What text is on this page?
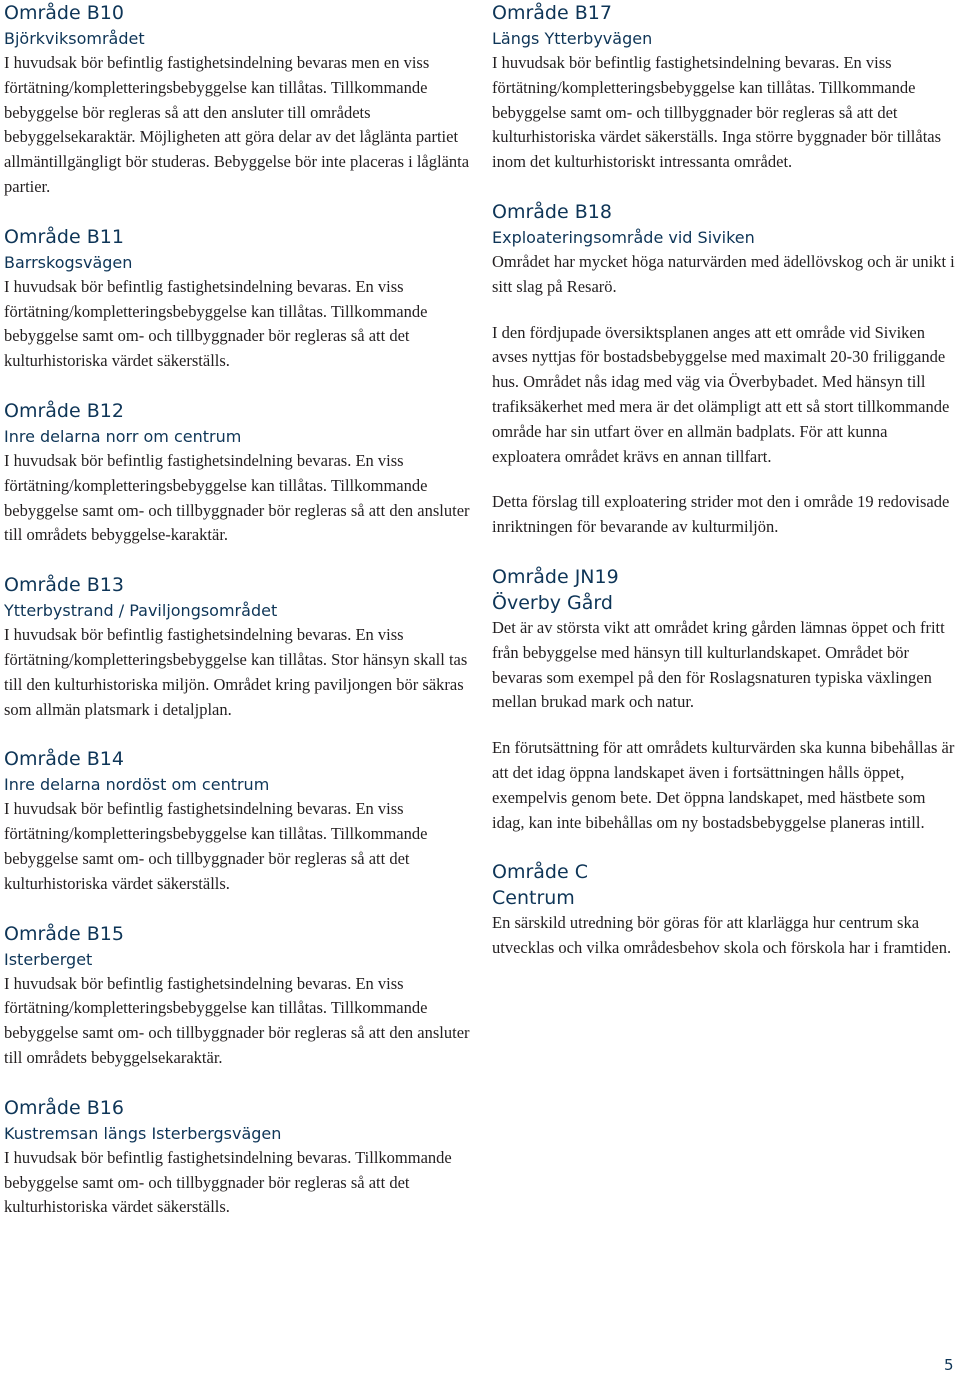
Område B10
Björkviksområdet

I huvudsak bör befintlig fastighetsindelning bevaras men en viss förtätning/kompletteringsbebyggelse kan tillåtas. Tillkommande bebyggelse bör regleras så att den ansluter till områdets bebyggelsekaraktär. Möjligheten att göra delar av det låglänta partiet allmäntillgängligt bör studeras. Bebyggelse bör inte placeras i låglänta partier.

Område B11
Barrskogsvägen

I huvudsak bör befintlig fastighetsindelning bevaras. En viss förtätning/kompletteringsbebyggelse kan tillåtas. Tillkommande bebyggelse samt om- och tillbyggnader bör regleras så att det kulturhistoriska värdet säkerställs.

Område B12
Inre delarna norr om centrum

I huvudsak bör befintlig fastighetsindelning bevaras. En viss förtätning/kompletteringsbebyggelse kan tillåtas. Tillkommande bebyggelse samt om- och tillbyggnader bör regleras så att den ansluter till områdets bebyggelse-karaktär.

Område B13
Ytterbystrand / Paviljongsområdet

I huvudsak bör befintlig fastighetsindelning bevaras. En viss förtätning/kompletteringsbebyggelse kan tillåtas. Stor hänsyn skall tas till den kulturhistoriska miljön. Området kring paviljongen bör säkras som allmän platsmark i detaljplan.

Område B14
Inre delarna nordöst om centrum

I huvudsak bör befintlig fastighetsindelning bevaras. En viss förtätning/kompletteringsbebyggelse kan tillåtas. Tillkommande bebyggelse samt om- och tillbyggnader bör regleras så att det kulturhistoriska värdet säkerställs.

Område B15
Isterberget

I huvudsak bör befintlig fastighetsindelning bevaras. En viss förtätning/kompletteringsbebyggelse kan tillåtas. Tillkommande bebyggelse samt om- och tillbyggnader bör regleras så att den ansluter till områdets bebyggelsekaraktär.

Område B16
Kustremsan längs Isterbergsvägen

I huvudsak bör befintlig fastighetsindelning bevaras. Tillkommande bebyggelse samt om- och tillbyggnader bör regleras så att det kulturhistoriska värdet säkerställs.

Område B17
Längs Ytterbyvägen

I huvudsak bör befintlig fastighetsindelning bevaras. En viss förtätning/kompletteringsbebyggelse kan tillåtas. Tillkommande bebyggelse samt om- och tillbyggnader bör regleras så att det kulturhistoriska värdet säkerställs. Inga större byggnader bör tillåtas inom det kulturhistoriskt intressanta området.

Område B18
Exploateringsområde vid Siviken

Området har mycket höga naturvärden med ädellövskog och är unikt i sitt slag på Resarö.

I den fördjupade översiktsplanen anges att ett område vid Siviken avses nyttjas för bostadsbebyggelse med maximalt 20-30 friliggande hus. Området nås idag med väg via Överbybadet. Med hänsyn till trafiksäkerhet med mera är det olämpligt att ett så stort tillkommande område har sin utfart över en allmän badplats. För att kunna exploatera området krävs en annan tillfart.

Detta förslag till exploatering strider mot den i område 19 redovisade inriktningen för bevarande av kulturmiljön.

Område JN19
Överby Gård

Det är av största vikt att området kring gården lämnas öppet och fritt från bebyggelse med hänsyn till kulturlandskapet. Området bör bevaras som exempel på den för Roslagsnaturen typiska växlingen mellan brukad mark och natur.

En förutsättning för att områdets kulturvärden ska kunna bibehållas är att det idag öppna landskapet även i fortsättningen hålls öppet, exempelvis genom bete. Det öppna landskapet, med hästbete som idag, kan inte bibehållas om ny bostadsbebyggelse planeras intill.

Område C
Centrum

En särskild utredning bör göras för att klarlägga hur centrum ska utvecklas och vilka områdesbehov skola och förskola har i framtiden.

5
